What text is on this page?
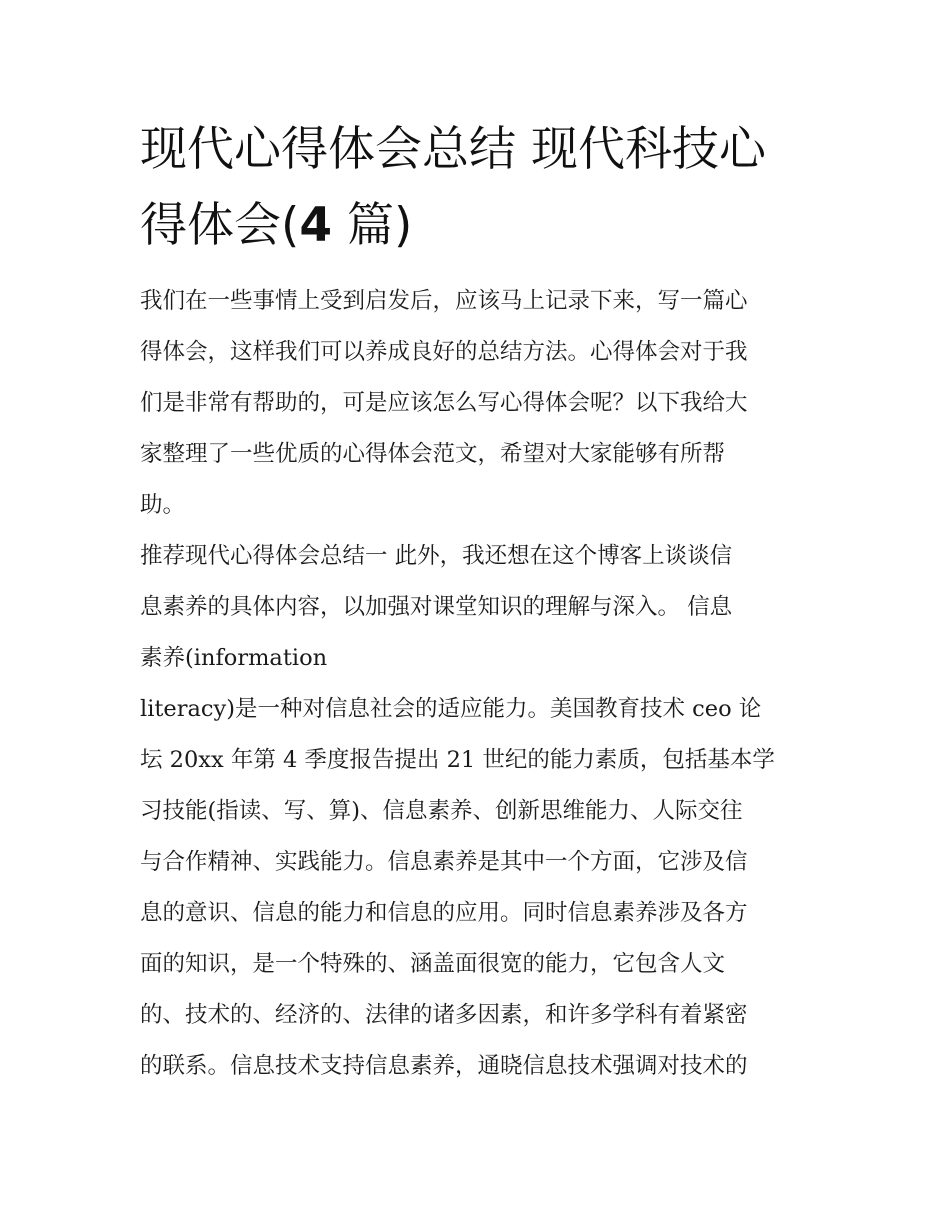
现代心得体会总结 现代科技心
得体会(4 篇)

我们在一些事情上受到启发后，应该马上记录下来，写一篇心
得体会，这样我们可以养成良好的总结方法。心得体会对于我
们是非常有帮助的，可是应该怎么写心得体会呢？以下我给大
家整理了一些优质的心得体会范文，希望对大家能够有所帮
助。

推荐现代心得体会总结一 此外，我还想在这个博客上谈谈信
息素养的具体内容，以加强对课堂知识的理解与深入。 信息
素养(information

literacy)是一种对信息社会的适应能力。美国教育技术 ceo 论
坛 20xx 年第 4 季度报告提出 21 世纪的能力素质，包括基本学
习技能(指读、写、算)、信息素养、创新思维能力、人际交往
与合作精神、实践能力。信息素养是其中一个方面，它涉及信
息的意识、信息的能力和信息的应用。同时信息素养涉及各方
面的知识，是一个特殊的、涵盖面很宽的能力，它包含人文
的、技术的、经济的、法律的诸多因素，和许多学科有着紧密
的联系。信息技术支持信息素养，通晓信息技术强调对技术的
